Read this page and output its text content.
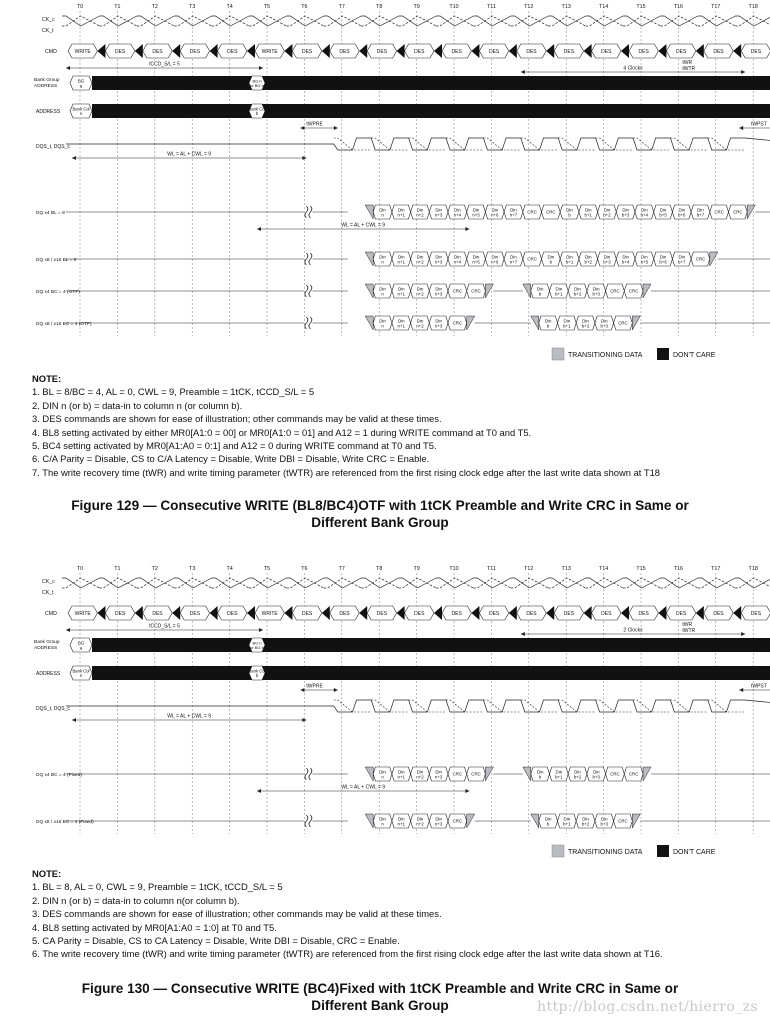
T0	T1	T2	T3	T4	T5	T6	T7	T8	T9	T10	T11	T12	T13	T14	T15	T16	T17	T18
CK_c
CK_t
CMD	WRITE	DES	DES	DES	DES	WRITE	DES	DES	DES	DES	DES	DES	DES	DES	DES	DES	DES	DES	DES
tCCD_S/L = 5
4 Clocks
tWR
tWTR
Bank Group
ADDRESS
BG
a
BG b
or BG b
ADDRESS
Bank Col
n
Bank Col
b
tWPRE	tWPST
DQS_t, DQS_c
WL = AL + CWL = 9
DQ x4 BL = 8
Din
n
Din
n+1
Din
n+2
Din
n+3
Din
n+4
Din
n+5
Din
n+6
Din
n+7
CRC CRC Din
b
Din
b+1
Din
b+2
Din
b+3
Din
b+4
Din
b+5
Din
b+6
Din
b+7
CRC CRC
WL = AL + CWL = 9
DQ x8 / x16 BL = 8
Din
n
Din
n+1
Din
n+2
Din
n+3
Din
n+4
Din
n+5
Din
n+6
Din
n+7
CRC Din
b
Din
b+1
Din
b+2
Din
b+3
Din
b+4
Din
b+5
Din
b+6
Din
b+7
CRC
DQ x4 BC = 4 (OTF)
Din
n
Din
n+1
Din
n+2
Din
n+3
CRC CRC	Din
b
Din
b+1
Din
b+2
Din
b+3
CRC CRC
DQ x8 / x16 BC = 4 (OTF)
Din
n
Din
n+1
Din
n+2
Din
n+3
CRC	Din
b
Din
b+1
Din
b+2
Din
b+3
CRC
TRANSITIONING DATA	DON'T CARE
NOTE:
1. BL = 8/BC = 4, AL = 0, CWL = 9, Preamble = 1tCK, tCCD_S/L = 5
2. DIN n (or b) = data-in to column n (or column b).
3. DES commands are shown for ease of illustration; other commands may be valid at these times.
4. BL8 setting activated by either MR0[A1:0 = 00] or MR0[A1:0 = 01] and A12 = 1 during WRITE command at T0 and T5.
5. BC4 setting activated by MR0[A1:A0 = 0:1] and A12 = 0 during WRITE command at T0 and T5.
6. C/A Parity = Disable, CS to C/A Latency = Disable, Write DBI = Disable, Write CRC = Enable.
7. The write recovery time (tWR) and write timing parameter (tWTR) are referenced from the first rising clock edge after the last write data shown at T18
Figure 129 — Consecutive WRITE (BL8/BC4)OTF with 1tCK Preamble and Write CRC in Same or
Different Bank Group
T0	T1	T2	T3	T4	T5	T6	T7	T8	T9	T10	T11	T12	T13	T14	T15	T16	T17	T18
CK_c
CK_t
CMD	WRITE	DES	DES	DES	DES	WRITE	DES	DES	DES	DES	DES	DES	DES	DES	DES	DES	DES	DES	DES
tCCD_S/L = 5
2 Clocks
tWR
tWTR
Bank Group
ADDRESS
BG
a
BG b
or BG b
ADDRESS
Bank Col
n
Bank Col
b
tWPRE	tWPST
DQS_t, DQS_c
WL = AL + CWL = 9
DQ x4 BC = 4 (Fixed)
Din
n
Din
n+1
Din
n+2
Din
n+3
CRC CRC	Din
b
Din
b+1
Din
b+2
Din
b+3
CRC CRC
WL = AL + CWL = 9
DQ x8 / x16 BC = 4 (Fixed)
Din
n
Din
n+1
Din
n+2
Din
n+3
CRC	Din
b
Din
b+1
Din
b+2
Din
b+3
CRC
TRANSITIONING DATA	DON'T CARE
NOTE:
1. BL = 8, AL = 0, CWL = 9, Preamble = 1tCK, tCCD_S/L = 5
2. DIN n (or b) = data-in to column n(or column b).
3. DES commands are shown for ease of illustration; other commands may be valid at these times.
4. BL8 setting activated by MR0[A1:A0 = 1:0] at T0 and T5.
5. CA Parity = Disable, CS to CA Latency = Disable, Write DBI = Disable, CRC = Enable.
6. The write recovery time (tWR) and write timing parameter (tWTR) are referenced from the first rising clock edge after the last write data shown at T16.
Figure 130 — Consecutive WRITE (BC4)Fixed with 1tCK Preamble and Write CRC in Same or
Different Bank Group	http://blog.csdn.net/hierro_zs
